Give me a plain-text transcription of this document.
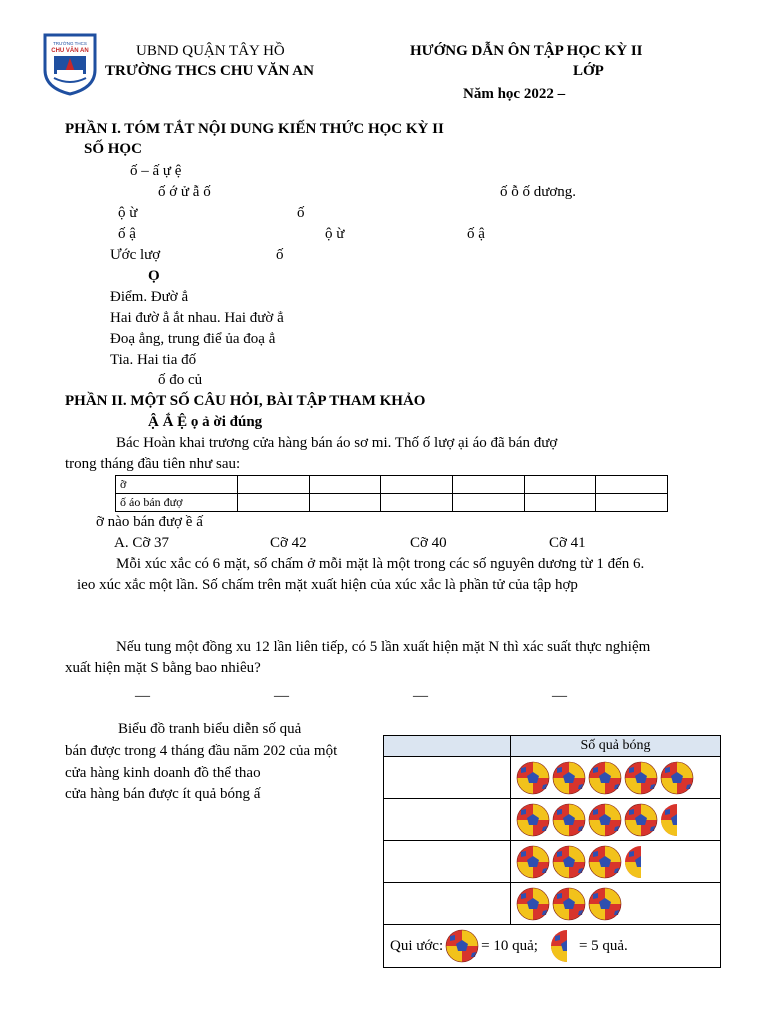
TRƯỜNG THCS
CHU VĂN AN	UBND QUẬN TÂY HỒ
TRƯỜNG THCS CHU VĂN AN
HƯỚNG DẪN ÔN TẬP HỌC KỲ II
LỚP
Năm học 2022 –
PHẦN I. TÓM TẮT NỘI DUNG KIẾN THỨC HỌC KỲ II
SỐ HỌC
ố – ấ ự ệ
ố ớ ử ẫ ố	ố ỗ ố dương.
ộ ừ	ố
ố ậ	ộ ừ	ố ậ
Ước lượ	ố
Ọ
Điểm. Đườ ẳ
Hai đườ ẳ ắt nhau. Hai đườ ẳ
Đoạ ẳng, trung điể ủa đoạ ẳ
Tia. Hai tia đố
ố đo củ
PHẦN II. MỘT SỐ CÂU HỎI, BÀI TẬP THAM KHẢO
Ậ Ắ Ệ ọ ả ời đúng
Bác Hoàn khai trương cửa hàng bán áo sơ mi. Thố ố lượ ại áo đã bán đượ
trong tháng đầu tiên như sau:
ỡ						
ố áo bán đượ						
ỡ nào bán đượ ề ấ
A. Cỡ 37	Cỡ 42	Cỡ 40	Cỡ 41
Mỗi xúc xắc có 6 mặt, số chấm ở mỗi mặt là một trong các số nguyên dương từ 1 đến 6.
ieo xúc xắc một lần. Số chấm trên mặt xuất hiện của xúc xắc là phần tử của tập hợp
Nếu tung một đồng xu 12 lần liên tiếp, có 5 lần xuất hiện mặt N thì xác suất thực nghiệm
xuất hiện mặt S bằng bao nhiêu?
—	—	—	—
Biểu đồ tranh biểu diễn số quả
bán được trong 4 tháng đầu năm 202 của một
cửa hàng kinh doanh đồ thể thao
cửa hàng bán được ít quả bóng ấ
	Số quả bóng

Qui ước: = 10 quả; = 5 quả.	
